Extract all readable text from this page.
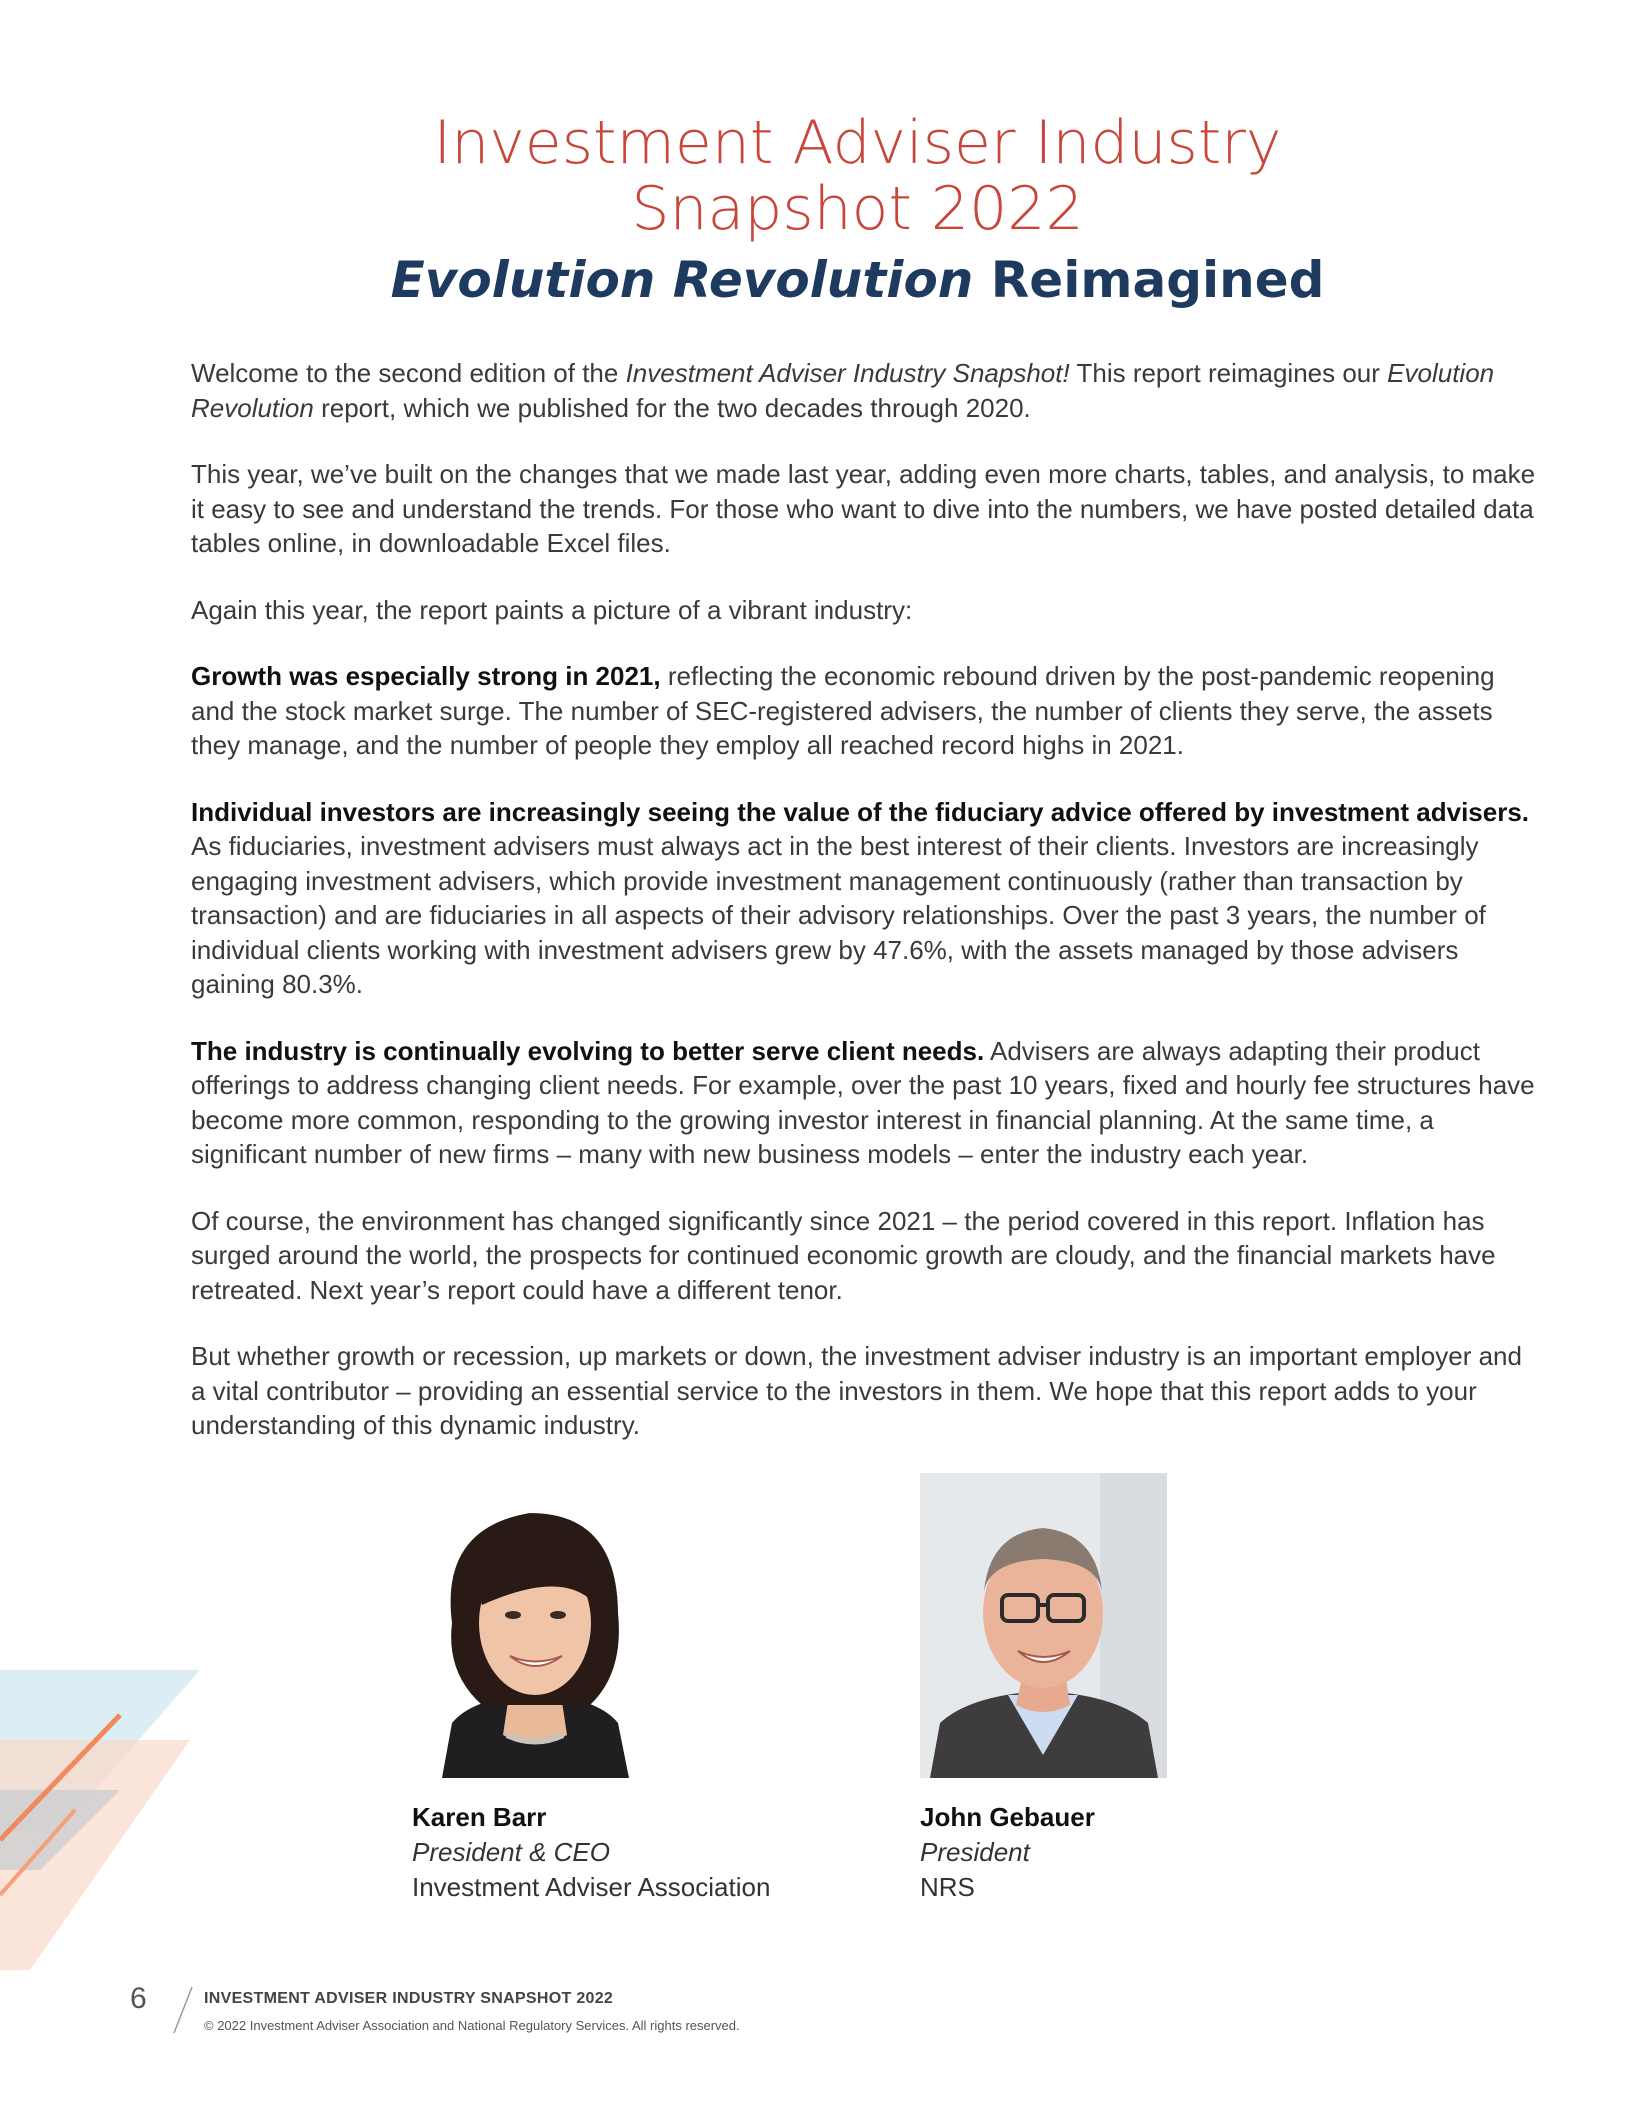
Investment Adviser Industry
Snapshot 2022
Evolution Revolution Reimagined

Welcome to the second edition of the Investment Adviser Industry Snapshot! This report reimagines our Evolution Revolution report, which we published for the two decades through 2020.

This year, we’ve built on the changes that we made last year, adding even more charts, tables, and analysis, to make it easy to see and understand the trends. For those who want to dive into the numbers, we have posted detailed data tables online, in downloadable Excel files.

Again this year, the report paints a picture of a vibrant industry:

Growth was especially strong in 2021, reflecting the economic rebound driven by the post-pandemic reopening and the stock market surge. The number of SEC-registered advisers, the number of clients they serve, the assets they manage, and the number of people they employ all reached record highs in 2021.

Individual investors are increasingly seeing the value of the fiduciary advice offered by investment advisers. As fiduciaries, investment advisers must always act in the best interest of their clients. Investors are increasingly engaging investment advisers, which provide investment management continuously (rather than transaction by transaction) and are fiduciaries in all aspects of their advisory relationships. Over the past 3 years, the number of individual clients working with investment advisers grew by 47.6%, with the assets managed by those advisers gaining 80.3%.

The industry is continually evolving to better serve client needs. Advisers are always adapting their product offerings to address changing client needs. For example, over the past 10 years, fixed and hourly fee structures have become more common, responding to the growing investor interest in financial planning. At the same time, a significant number of new firms – many with new business models – enter the industry each year.

Of course, the environment has changed significantly since 2021 – the period covered in this report. Inflation has surged around the world, the prospects for continued economic growth are cloudy, and the financial markets have retreated. Next year’s report could have a different tenor.

But whether growth or recession, up markets or down, the investment adviser industry is an important employer and a vital contributor – providing an essential service to the investors in them. We hope that this report adds to your understanding of this dynamic industry.

Karen Barr
President & CEO
Investment Adviser Association
John Gebauer
President
NRS
6	INVESTMENT ADVISER INDUSTRY SNAPSHOT 2022
© 2022 Investment Adviser Association and National Regulatory Services. All rights reserved.
